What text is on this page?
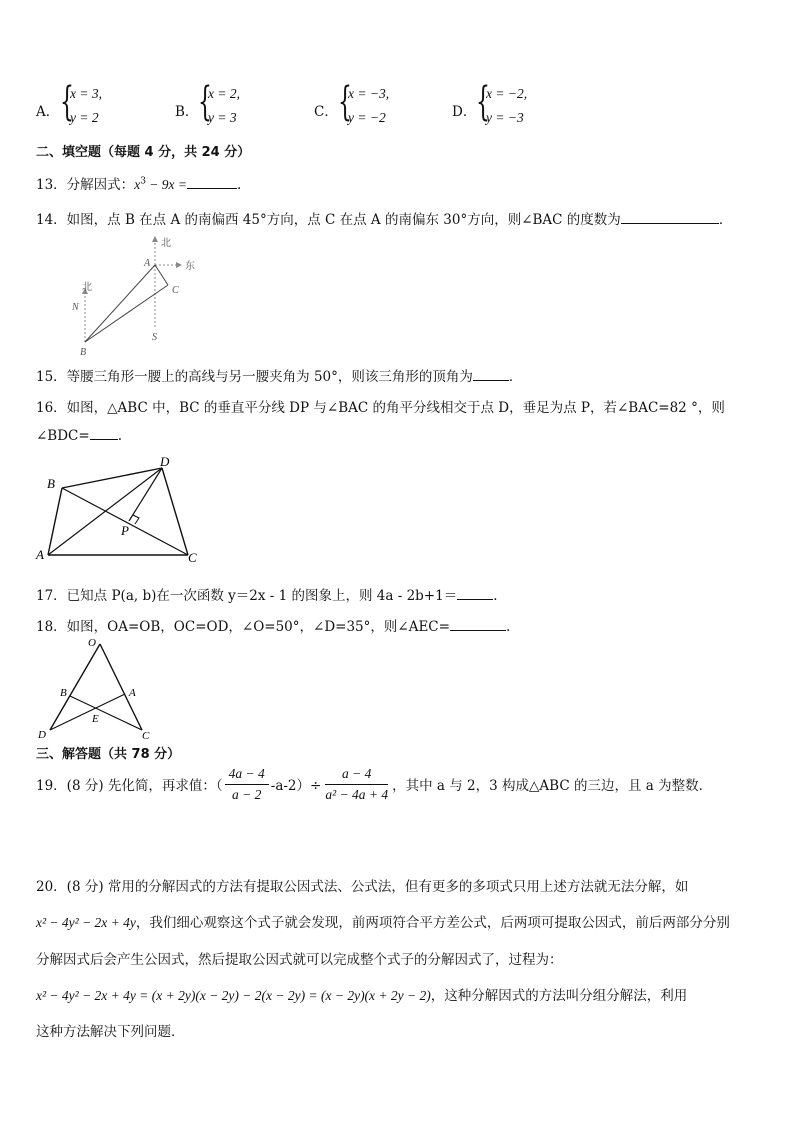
A． {
x = 3,
y = 2	B． {
x = 2,
y = 3	C． {
x = −3,
y = −2	D． {
x = −2,
y = −3
二、填空题（每题 4 分，共 24 分）
13．分解因式：$x^3 - 9x$ =	.
14．如图，点 B 在点 A 的南偏西 45°方向，点 C 在点 A 的南偏东 30°方向，则∠BAC 的度数为	．
A
C
B
N
S
北
东
北
15．等腰三角形一腰上的高线与另一腰夹角为 50°，则该三角形的顶角为	．
16．如图，△ABC 中，BC 的垂直平分线 DP 与∠BAC 的角平分线相交于点 D，垂足为点 P，若∠BAC=82 °，则
∠BDC= .
A
B
C
D
P
17．已知点 P(a, b)在一次函数 y＝2x - 1 的图象上，则 4a - 2b+1＝	.
18．如图，OA=OB，OC=OD，∠O=50°，∠D=35°，则∠AEC=	.
O
B	A
E
D	C
三、解答题（共 78 分）
19．(8 分) 先化简，再求值：（ $\frac{4a - 4}{a - 2} -a-2)\div \frac{a - 4}{\text{a² − 4a + 4}}$ ，其中 a 与 2，3 构成△ABC 的三边，且 a 为整数．
20．(8 分) 常用的分解因式的方法有提取公因式法、公式法，但有更多的多项式只用上述方法就无法分解，如
x² − 4y² − 2x + 4y，我们细心观察这个式子就会发现，前两项符合平方差公式，后两项可提取公因式，前后两部分分别
分解因式后会产生公因式，然后提取公因式就可以完成整个式子的分解因式了，过程为：
x² − 4y² − 2x + 4y = (x + 2y)(x − 2y) − 2(x − 2y) = (x − 2y)(x + 2y − 2)，这种分解因式的方法叫分组分解法，利用
这种方法解决下列问题．
